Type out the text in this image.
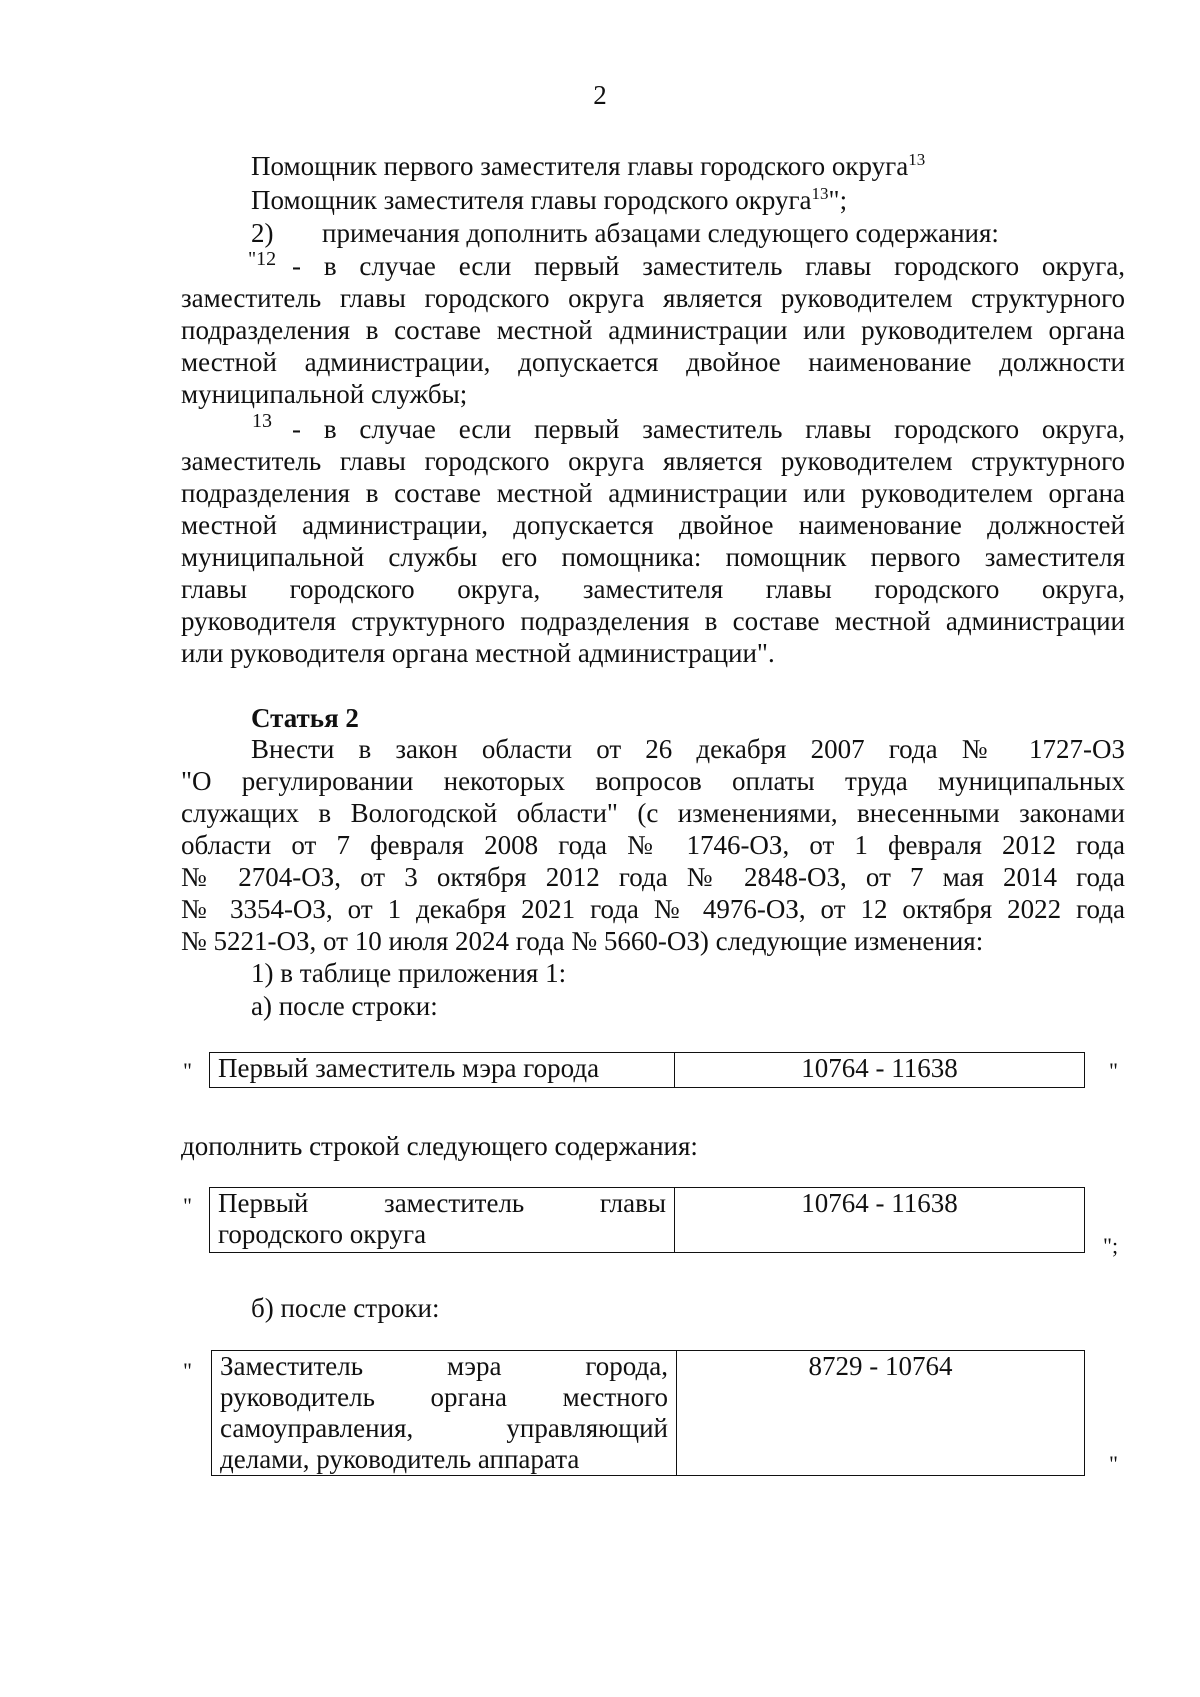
2
Помощник первого заместителя главы городского округа$^{13}$
Помощник заместителя главы городского округа$^{13}$";
2) примечания дополнить абзацами следующего содержания:
"12 - в случае если первый заместитель главы городского округа,
заместитель главы городского округа является руководителем структурного
подразделения в составе местной администрации или руководителем органа
местной администрации, допускается двойное наименование должности
муниципальной службы;
13 - в случае если первый заместитель главы городского округа,
заместитель главы городского округа является руководителем структурного
подразделения в составе местной администрации или руководителем органа
местной администрации, допускается двойное наименование должностей
муниципальной службы его помощника: помощник первого заместителя
главы городского округа, заместителя главы городского округа,
руководителя структурного подразделения в составе местной администрации
или руководителя органа местной администрации".
Статья 2
Внести в закон области от 26 декабря 2007 года № 1727-ОЗ
"О регулировании некоторых вопросов оплаты труда муниципальных
служащих в Вологодской области" (с изменениями, внесенными законами
области от 7 февраля 2008 года № 1746-ОЗ, от 1 февраля 2012 года
№ 2704-ОЗ, от 3 октября 2012 года № 2848-ОЗ, от 7 мая 2014 года
№ 3354-ОЗ, от 1 декабря 2021 года № 4976-ОЗ, от 12 октября 2022 года
№ 5221-ОЗ, от 10 июля 2024 года № 5660-ОЗ) следующие изменения:
1) в таблице приложения 1:
а) после строки:
" Первый заместитель мэра города	10764 - 11638	"
дополнить строкой следующего содержания:
" Первый заместитель главы
городского округа
	10764 - 11638
";
б) после строки:
" Заместитель мэра города,
руководитель органа местного
самоуправления, управляющий
делами, руководитель аппарата
	8729 - 10764
"
